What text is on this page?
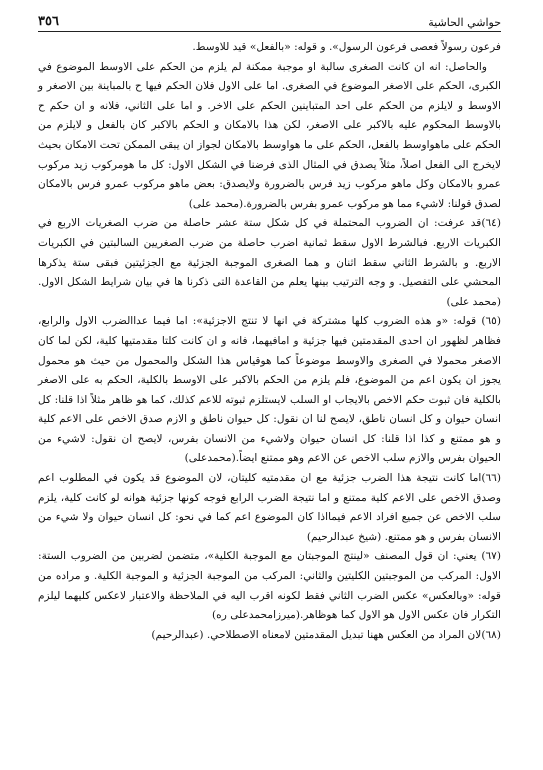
٣٥٦	حواشي الحاشية

فرعون رسولاً فعصى فرعون الرسول». و قوله: «بالفعل» قيد للاوسط.

والحاصل: انه ان كانت الصغرى سالبة او موجبة ممكنة لم يلزم من الحكم على الاوسط الموضوع في الكبرى، الحكم على الاصغر الموضوع في الصغرى. اما على الاول فلان الحكم فيها ح بالمباينة بين الاصغر و الاوسط و لايلزم من الحكم على احد المتباينين الحكم على الاخر. و اما على الثاني، فلانه و ان حكم ح بالاوسط المحكوم عليه بالاكبر على الاصغر، لكن هذا بالامكان و الحكم بالاكبر كان بالفعل و لايلزم من الحكم على ماهواوسط بالفعل، الحكم على ما هواوسط بالامكان لجواز ان يبقى الممكن تحت الامكان بحيث لايخرج الى الفعل اصلاً، مثلاً يصدق في المثال الذى فرضنا في الشكل الاول: كل ما هومركوب زيد مركوب عمرو بالامكان وكل ماهو مركوب زيد فرس بالضرورة ولايصدق: بعض ماهو مركوب عمرو فرس بالامكان لصدق قولنا: لاشيء مما هو مركوب عمرو بفرس بالضرورة.(محمد على)

(٦٤)قد عرفت: ان الضروب المحتملة في كل شكل ستة عشر حاصلة من ضرب الصغريات الاربع في الكبريات الاربع. فبالشرط الاول سقط ثمانية اضرب حاصلة من ضرب الصغريين السالبتين في الكبريات الاربع. و بالشرط الثاني سقط اثنان و هما الصغرى الموجبة الجزئية مع الجزئيتين فبقى ستة يذكرها المحشي على التفصيل. و وجه الترتيب بينها يعلم من القاعدة التى ذكرنا ها في بيان شرايط الشكل الاول. (محمد على)

(٦٥) قوله: «و هذه الضروب كلها مشتركة في انها لا تنتج الاجزئية»: اما فيما عداالضرب الاول والرابع، فظاهر لظهور ان احدى المقدمتين فيها جزئية و امافيهما، فانه و ان كانت كلتا مقدمتيها كلية، لكن لما كان الاصغر محمولا في الصغرى والاوسط موضوعاً كما هوقياس هذا الشكل والمحمول من حيث هو محمول يجوز ان يكون اعم من الموضوع، فلم يلزم من الحكم بالاكبر على الاوسط بالكلية، الحكم به على الاصغر بالكلية فان ثبوت حكم الاخص بالايجاب او السلب لايستلزم ثبوته للاعم كذلك، كما هو ظاهر مثلاً اذا قلنا: كل انسان حيوان و كل انسان ناطق، لايصح لنا ان نقول: كل حيوان ناطق و الازم صدق الاخص على الاعم كلية و هو ممتنع و كذا اذا قلنا: كل انسان حيوان ولاشيء من الانسان بفرس، لايصح ان نقول: لاشيء من الحيوان بفرس والازم سلب الاخص عن الاعم وهو ممتنع ايضاً.(محمدعلى)

(٦٦)اما كانت نتيجة هذا الضرب جزئية مع ان مقدمتيه كليتان، لان الموضوع قد يكون في المطلوب اعم وصدق الاخص على الاعم كلية ممتنع و اما نتيجة الضرب الرابع فوجه كونها جزئية هوانه لو كانت كلية، يلزم سلب الاخص عن جميع افراد الاعم فيمااذا كان الموضوع اعم كما في نحو: كل انسان حيوان ولا شيء من الانسان بفرس و هو ممتنع. (شيخ عبدالرحيم)

(٦٧) يعني: ان قول المصنف «لينتج الموجبتان مع الموجبة الكلية»، متضمن لضربين من الضروب الستة: الاول: المركب من الموجبتين الكليتين والثاني: المركب من الموجبة الجزئية و الموجبة الكلية. و مراده من قوله: «وبالعكس» عكس الضرب الثاني فقط لكونه اقرب اليه في الملاحظة والاعتبار لاعكس كليهما ليلزم التكرار فان عكس الاول هو الاول كما هوظاهر.(ميرزامحمدعلى ره)

(٦٨)لان المراد من العكس ههنا تبديل المقدمتين لامعناه الاصطلاحي. (عبدالرحيم)
